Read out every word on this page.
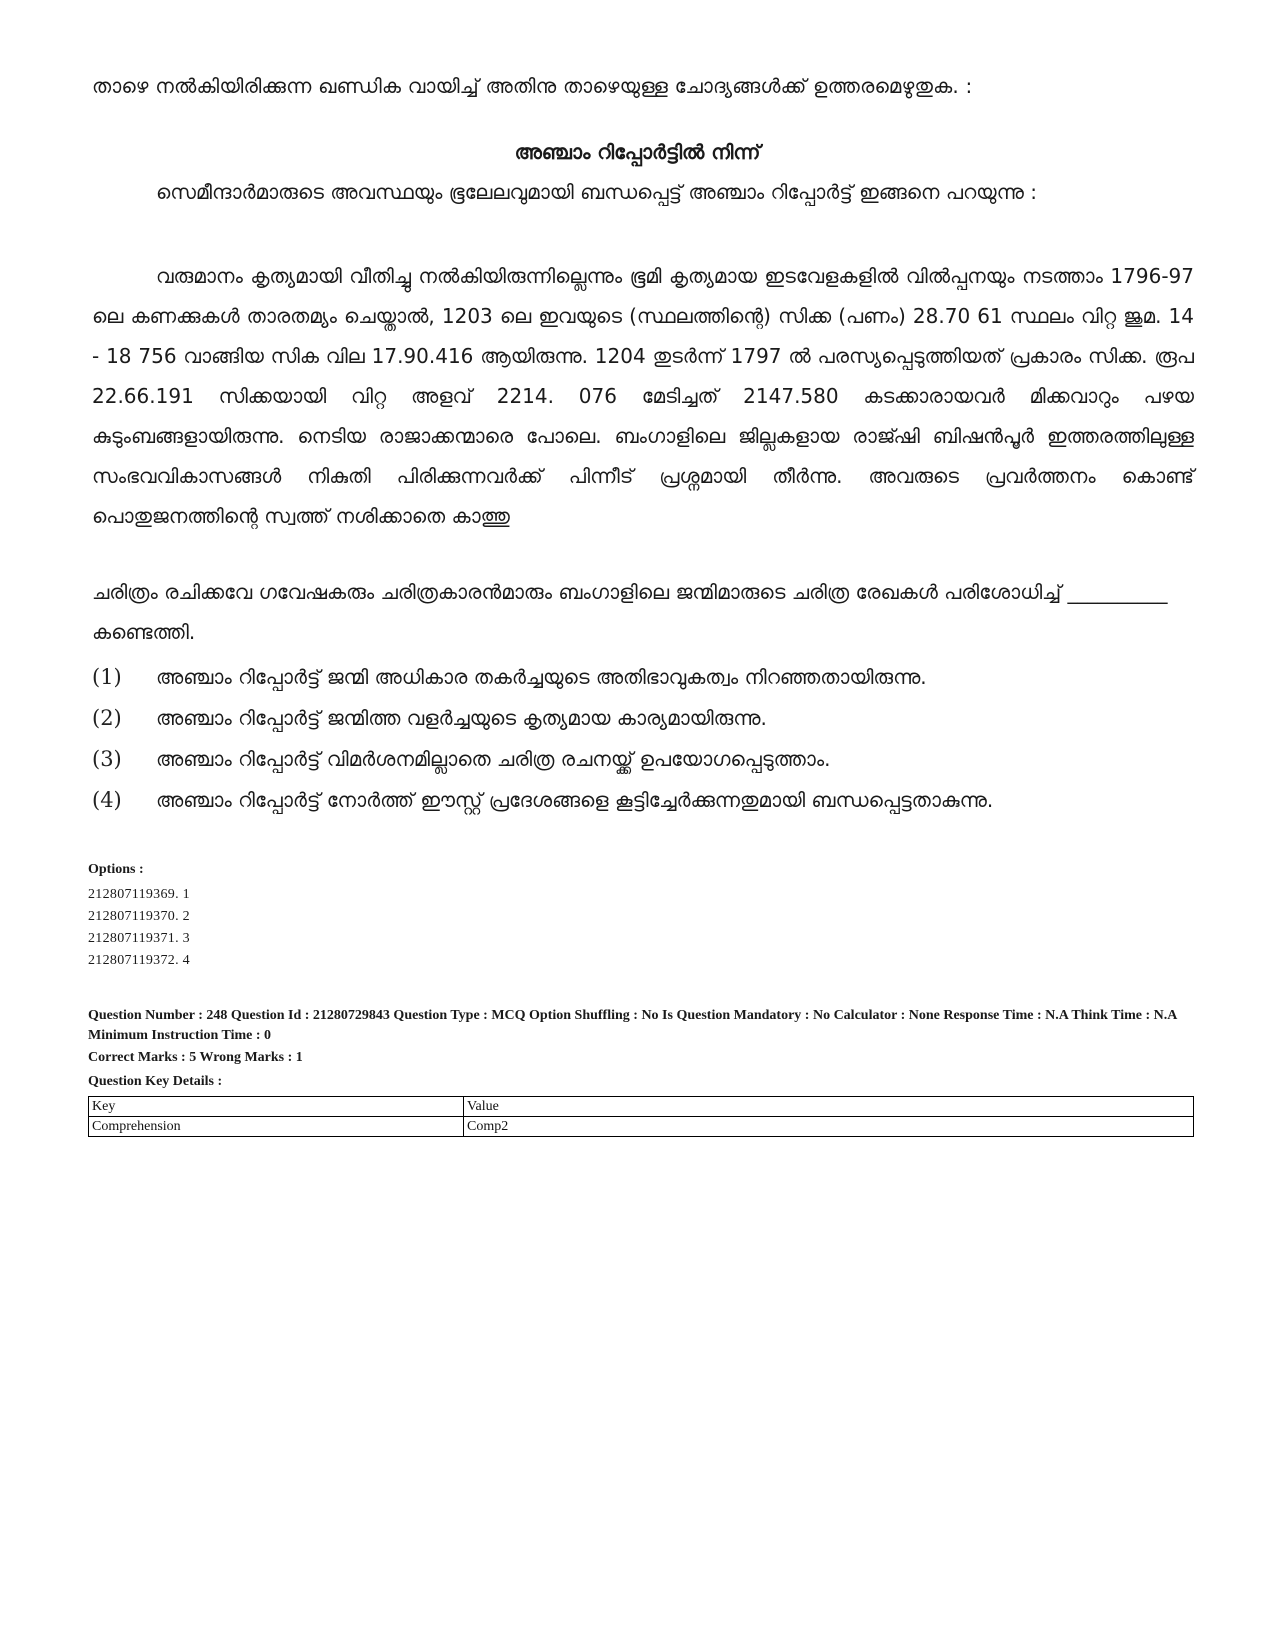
താഴെ നൽകിയിരിക്കുന്ന ഖണ്ഡിക വായിച്ച് അതിനു താഴെയുള്ള ചോദ്യങ്ങൾക്ക് ഉത്തരമെഴുതുക. :
അഞ്ചാം റിപ്പോർട്ടിൽ നിന്ന്
സെമീന്ദാർമാരുടെ അവസ്ഥയും ഭൂലേലവുമായി ബന്ധപ്പെട്ട് അഞ്ചാം റിപ്പോർട്ട് ഇങ്ങനെ പറയുന്നു :
വരുമാനം കൃത്യമായി വീതിച്ചു നൽകിയിരുന്നില്ലെന്നും ഭൂമി കൃത്യമായ ഇടവേളകളിൽ വിൽപ്പനയും നടത്താം 1796-97 ലെ കണക്കുകൾ താരതമ്യം ചെയ്താൽ, 1203 ലെ ഇവയുടെ (സ്ഥലത്തിന്റെ) സിക്ക (പണം) 28.70 61 സ്ഥലം വിറ്റ ജുമ. 14 - 18 756 വാങ്ങിയ സിക വില 17.90.416 ആയിരുന്നു. 1204 തുടർന്ന് 1797 ൽ പരസ്യപ്പെടുത്തിയത് പ്രകാരം സിക്ക. രൂപ 22.66.191 സിക്കയായി വിറ്റ അളവ് 2214. 076 മേടിച്ചത് 2147.580 കടക്കാരായവർ മിക്കവാറും പഴയ കുടുംബങ്ങളായിരുന്നു. നെടിയ രാജാക്കന്മാരെ പോലെ. ബംഗാളിലെ ജില്ലകളായ രാജ്ഷി ബിഷൻപൂർ ഇത്തരത്തിലുള്ള സംഭവവികാസങ്ങൾ നികുതി പിരിക്കുന്നവർക്ക് പിന്നീട് പ്രശ്നമായി തീർന്നു. അവരുടെ പ്രവർത്തനം കൊണ്ട് പൊതുജനത്തിന്റെ സ്വത്ത് നശിക്കാതെ കാത്തു
ചരിത്രം രചിക്കവേ ഗവേഷകരും ചരിത്രകാരൻമാരും ബംഗാളിലെ ജന്മിമാരുടെ ചരിത്ര രേഖകൾ പരിശോധിച്ച് __________ കണ്ടെത്തി.
(1)	അഞ്ചാം റിപ്പോർട്ട് ജന്മി അധികാര തകർച്ചയുടെ അതിഭാവുകത്വം നിറഞ്ഞതായിരുന്നു.
(2)	അഞ്ചാം റിപ്പോർട്ട് ജന്മിത്ത വളർച്ചയുടെ കൃത്യമായ കാര്യമായിരുന്നു.
(3)	അഞ്ചാം റിപ്പോർട്ട് വിമർശനമില്ലാതെ ചരിത്ര രചനയ്ക്ക് ഉപയോഗപ്പെടുത്താം.
(4)	അഞ്ചാം റിപ്പോർട്ട് നോർത്ത് ഈസ്റ്റ് പ്രദേശങ്ങളെ കൂട്ടിച്ചേർക്കുന്നതുമായി ബന്ധപ്പെട്ടതാകുന്നു.
Options :
212807119369. 1
212807119370. 2
212807119371. 3
212807119372. 4
Question Number : 248 Question Id : 21280729843 Question Type : MCQ Option Shuffling : No Is Question Mandatory : No Calculator : None Response Time : N.A Think Time : N.A Minimum Instruction Time : 0
Correct Marks : 5 Wrong Marks : 1
Question Key Details :
Key	Value
Comprehension	Comp2
